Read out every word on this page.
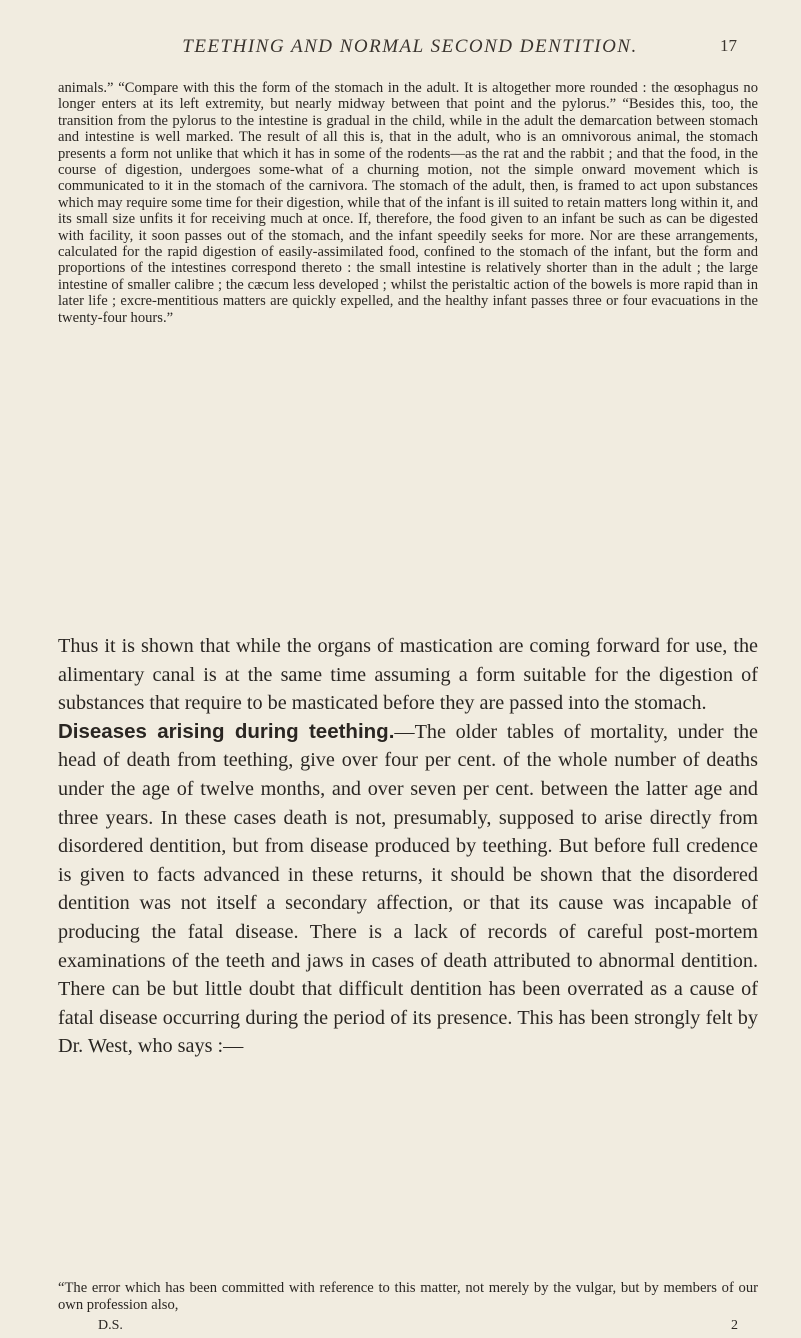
TEETHING AND NORMAL SECOND DENTITION.	17
animals.” “Compare with this the form of the stomach in the adult. It is altogether more rounded : the œsophagus no longer enters at its left extremity, but nearly midway between that point and the pylorus.” “Besides this, too, the transition from the pylorus to the intestine is gradual in the child, while in the adult the demarcation between stomach and intestine is well marked. The result of all this is, that in the adult, who is an omnivorous animal, the stomach presents a form not unlike that which it has in some of the rodents—as the rat and the rabbit ; and that the food, in the course of digestion, undergoes some-what of a churning motion, not the simple onward movement which is communicated to it in the stomach of the carnivora. The stomach of the adult, then, is framed to act upon substances which may require some time for their digestion, while that of the infant is ill suited to retain matters long within it, and its small size unfits it for receiving much at once. If, therefore, the food given to an infant be such as can be digested with facility, it soon passes out of the stomach, and the infant speedily seeks for more. Nor are these arrangements, calculated for the rapid digestion of easily-assimilated food, confined to the stomach of the infant, but the form and proportions of the intestines correspond thereto : the small intestine is relatively shorter than in the adult ; the large intestine of smaller calibre ; the cæcum less developed ; whilst the peristaltic action of the bowels is more rapid than in later life ; excre-mentitious matters are quickly expelled, and the healthy infant passes three or four evacuations in the twenty-four hours.”

Thus it is shown that while the organs of mastication are coming forward for use, the alimentary canal is at the same time assuming a form suitable for the digestion of substances that require to be masticated before they are passed into the stomach.

Diseases arising during teething.—The older tables of mortality, under the head of death from teething, give over four per cent. of the whole number of deaths under the age of twelve months, and over seven per cent. between the latter age and three years. In these cases death is not, presumably, supposed to arise directly from disordered dentition, but from disease produced by teething. But before full credence is given to facts advanced in these returns, it should be shown that the disordered dentition was not itself a secondary affection, or that its cause was incapable of producing the fatal disease. There is a lack of records of careful post-mortem examinations of the teeth and jaws in cases of death attributed to abnormal dentition. There can be but little doubt that difficult dentition has been overrated as a cause of fatal disease occurring during the period of its presence. This has been strongly felt by Dr. West, who says :—

“The error which has been committed with reference to this matter, not merely by the vulgar, but by members of our own profession also,
D.S.	2
